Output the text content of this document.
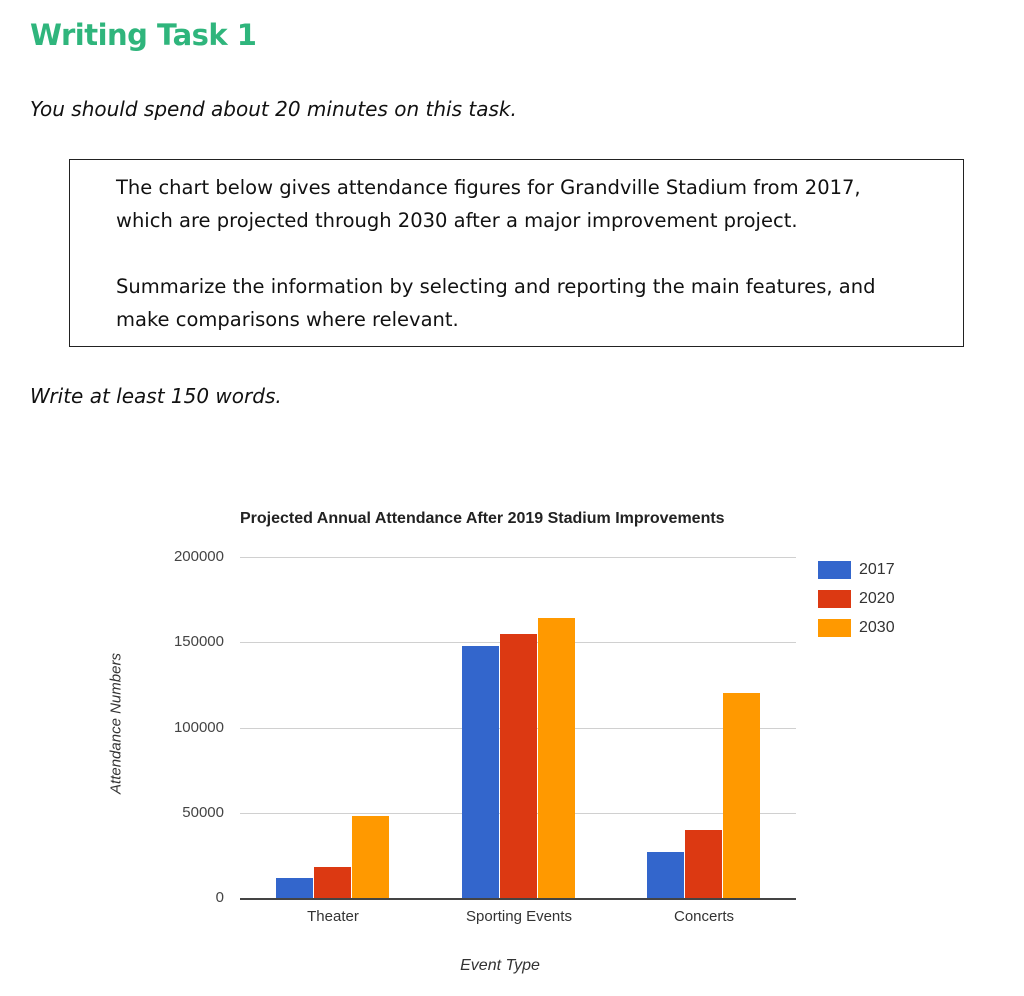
Writing Task 1
You should spend about 20 minutes on this task.

The chart below gives attendance figures for Grandville Stadium from 2017,
which are projected through 2030 after a major improvement project.

Summarize the information by selecting and reporting the main features, and
make comparisons where relevant.

Write at least 150 words.
Projected Annual Attendance After 2019 Stadium Improvements
Attendance Numbers
Event Type
2017
2020
2030
0
50000
100000
150000
200000
Theater	Sporting Events	Concerts
